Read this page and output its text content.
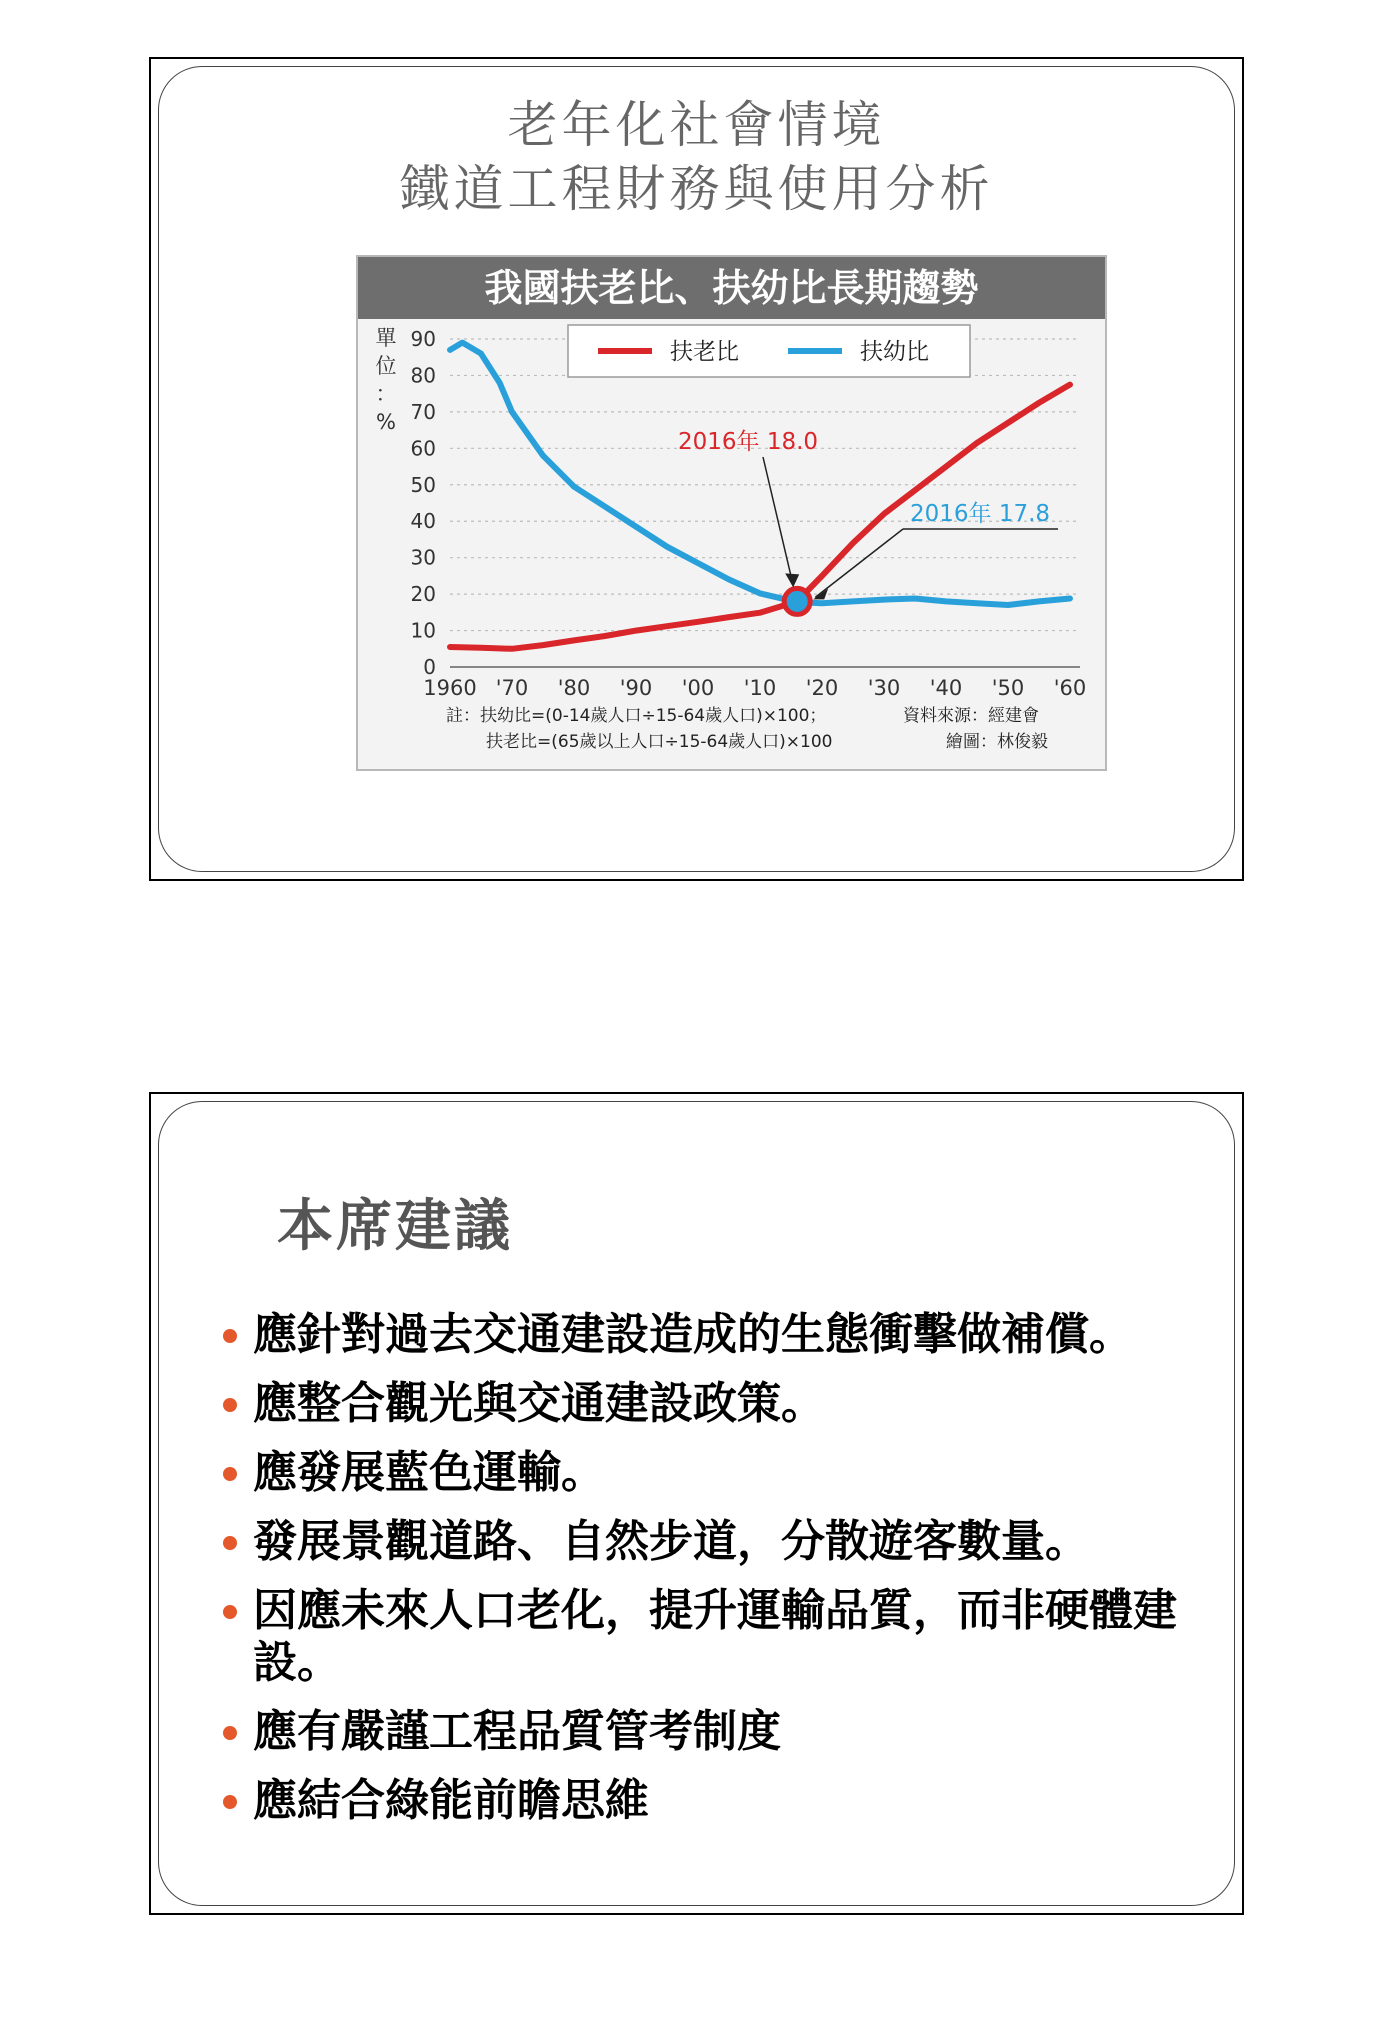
老年化社會情境
鐵道工程財務與使用分析
我國扶老比、扶幼比長期趨勢
0
10
20
30
40
50
60
70
80
90
1960 '70 '80 '90 '00 '10 '20 '30 '40 '50 '60
單
位
：
%
扶老比	扶幼比
2016年 18.0
2016年 17.8
註：扶幼比=(0-14歲人口÷15-64歲人口)×100；
扶老比=(65歲以上人口÷15-64歲人口)×100
資料來源：經建會
繪圖：林俊毅
本席建議
應針對過去交通建設造成的生態衝擊做補償。
應整合觀光與交通建設政策。
應發展藍色運輸。
發展景觀道路、自然步道，分散遊客數量。
因應未來人口老化，提升運輸品質，而非硬體建設。
應有嚴謹工程品質管考制度
應結合綠能前瞻思維
